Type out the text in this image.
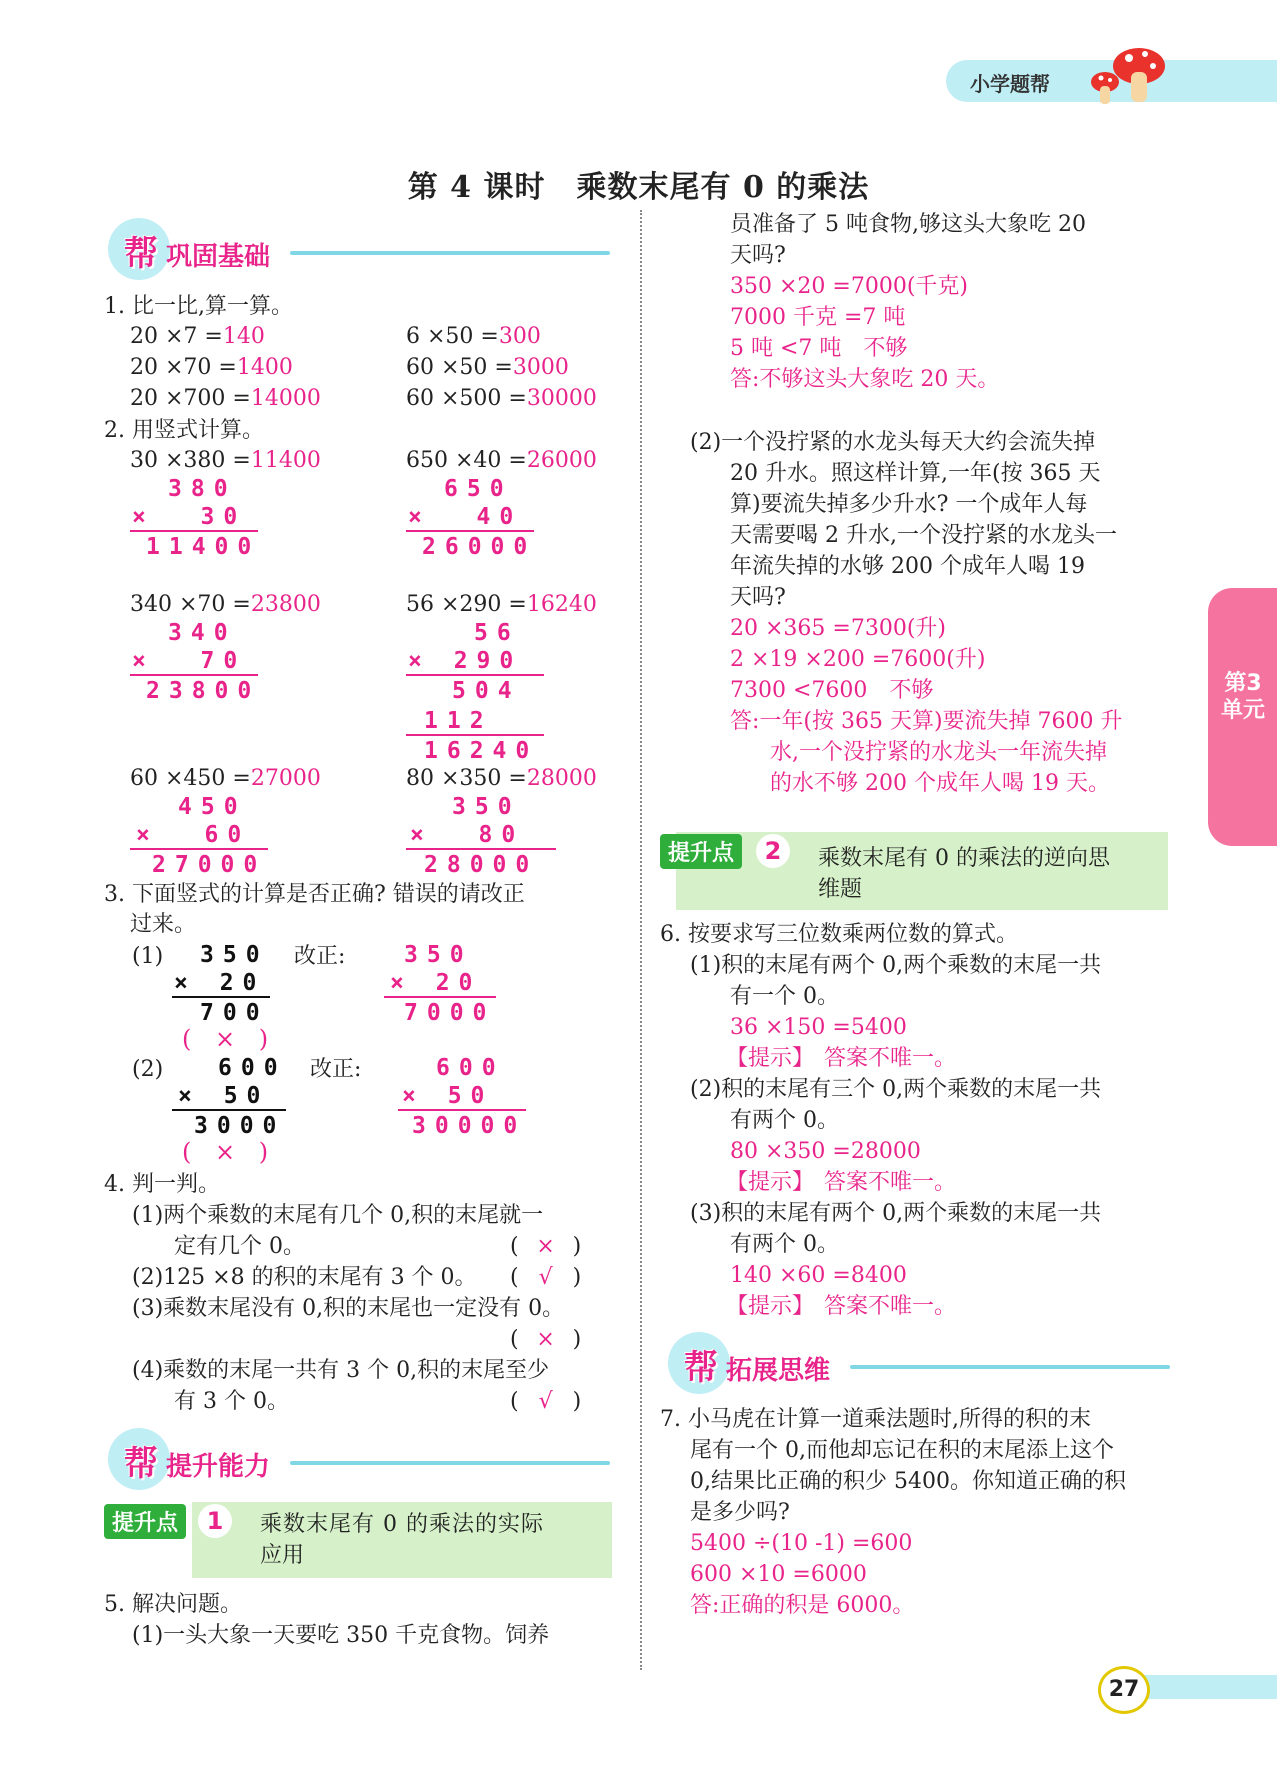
小学题帮
第 4 课时　乘数末尾有 0 的乘法
帮 巩固基础
1. 比一比,算一算。
20 ×7 =140
20 ×70 =1400
20 ×700 =14000
6 ×50 =300
60 ×50 =3000
60 ×500 =30000
2. 用竖式计算。
30 ×380 =11400
380
×  30
11400
650 ×40 =26000
650
×  40
26000
340 ×70 =23800
340
×  70
23800
56 ×290 =16240
56
× 290
504
112
16240
60 ×450 =27000
450
×  60
27000
80 ×350 =28000
350
×  80
28000
3. 下面竖式的计算是否正确? 错误的请改正
过来。
(1) 350
× 20
700
( × )
改正:	350
× 20
7000
(2) 600
× 50
3000
( × )
改正:	600
× 50
30000
4. 判一判。
(1)两个乘数的末尾有几个 0,积的末尾就一
定有几个 0。	( × )
(2)125 ×8 的积的末尾有 3 个 0。 ( √ )
(3)乘数末尾没有 0,积的末尾也一定没有 0。
( × )
(4)乘数的末尾一共有 3 个 0,积的末尾至少
有 3 个 0。	( √ )
帮 提升能力
提升点	1	乘数末尾有 0 的乘法的实际
应用
5. 解决问题。
(1)一头大象一天要吃 350 千克食物。饲养
员准备了 5 吨食物,够这头大象吃 20
天吗?
350 ×20 =7000(千克)
7000 千克 =7 吨
5 吨 <7 吨　不够
答:不够这头大象吃 20 天。
(2)一个没拧紧的水龙头每天大约会流失掉
20 升水。照这样计算,一年(按 365 天
算)要流失掉多少升水? 一个成年人每
天需要喝 2 升水,一个没拧紧的水龙头一
年流失掉的水够 200 个成年人喝 19
天吗?
20 ×365 =7300(升)
2 ×19 ×200 =7600(升)
7300 <7600　不够
答:一年(按 365 天算)要流失掉 7600 升
水,一个没拧紧的水龙头一年流失掉
的水不够 200 个成年人喝 19 天。
提升点	2	乘数末尾有 0 的乘法的逆向思
维题
6. 按要求写三位数乘两位数的算式。
(1)积的末尾有两个 0,两个乘数的末尾一共
有一个 0。
36 ×150 =5400
【提示】 答案不唯一。
(2)积的末尾有三个 0,两个乘数的末尾一共
有两个 0。
80 ×350 =28000
【提示】 答案不唯一。
(3)积的末尾有两个 0,两个乘数的末尾一共
有两个 0。
140 ×60 =8400
【提示】 答案不唯一。
帮 拓展思维
7. 小马虎在计算一道乘法题时,所得的积的末
尾有一个 0,而他却忘记在积的末尾添上这个
0,结果比正确的积少 5400。你知道正确的积
是多少吗?
5400 ÷(10 -1) =600
600 ×10 =6000
答:正确的积是 6000。
第3单元
27
